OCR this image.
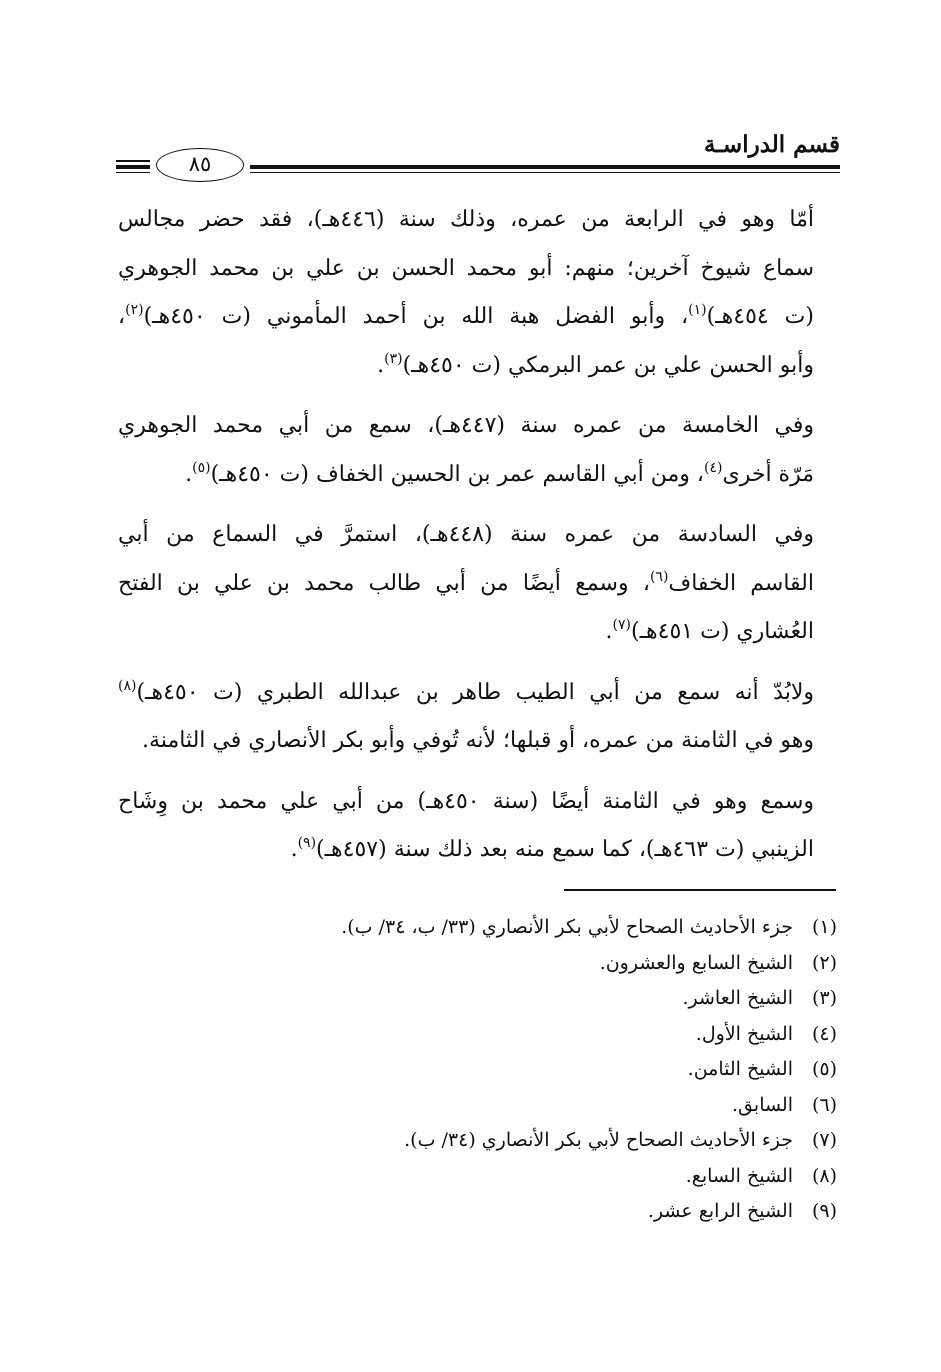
قسم الدراسـة
٨٥

أمّا وهو في الرابعة من عمره، وذلك سنة (٤٤٦هـ)، فقد حضر مجالس
سماع شيوخ آخرين؛ منهم: أبو محمد الحسن بن علي بن محمد الجوهري
(ت ٤٥٤هـ)$^{(١)}$، وأبو الفضل هبة الله بن أحمد المأموني (ت ٤٥٠هـ)$^{(٢)}$،
وأبو الحسن علي بن عمر البرمكي (ت ٤٥٠هـ)$^{(٣)}$.

وفي الخامسة من عمره سنة (٤٤٧هـ)، سمع من أبي محمد الجوهري
مَرّة أخرى$^{(٤)}$، ومن أبي القاسم عمر بن الحسين الخفاف (ت ٤٥٠هـ)$^{(٥)}$.

وفي السادسة من عمره سنة (٤٤٨هـ)، استمرَّ في السماع من أبي
القاسم الخفاف$^{(٦)}$، وسمع أيضًا من أبي طالب محمد بن علي بن الفتح
العُشاري (ت ٤٥١هـ)$^{(٧)}$.

ولابُدّ أنه سمع من أبي الطيب طاهر بن عبدالله الطبري (ت ٤٥٠هـ)$^{(٨)}$
وهو في الثامنة من عمره، أو قبلها؛ لأنه تُوفي وأبو بكر الأنصاري في الثامنة.

وسمع وهو في الثامنة أيضًا (سنة ٤٥٠هـ) من أبي علي محمد بن وِشَاح
الزينبي (ت ٤٦٣هـ)، كما سمع منه بعد ذلك سنة (٤٥٧هـ)$^{(٩)}$.

(١)
جزء الأحاديث الصحاح لأبي بكر الأنصاري (٣٣/ ب، ٣٤/ ب).
(٢)
الشيخ السابع والعشرون.
(٣)
الشيخ العاشر.
(٤)
الشيخ الأول.
(٥)
الشيخ الثامن.
(٦)
السابق.
(٧)
جزء الأحاديث الصحاح لأبي بكر الأنصاري (٣٤/ ب).
(٨)
الشيخ السابع.
(٩)
الشيخ الرابع عشر.
